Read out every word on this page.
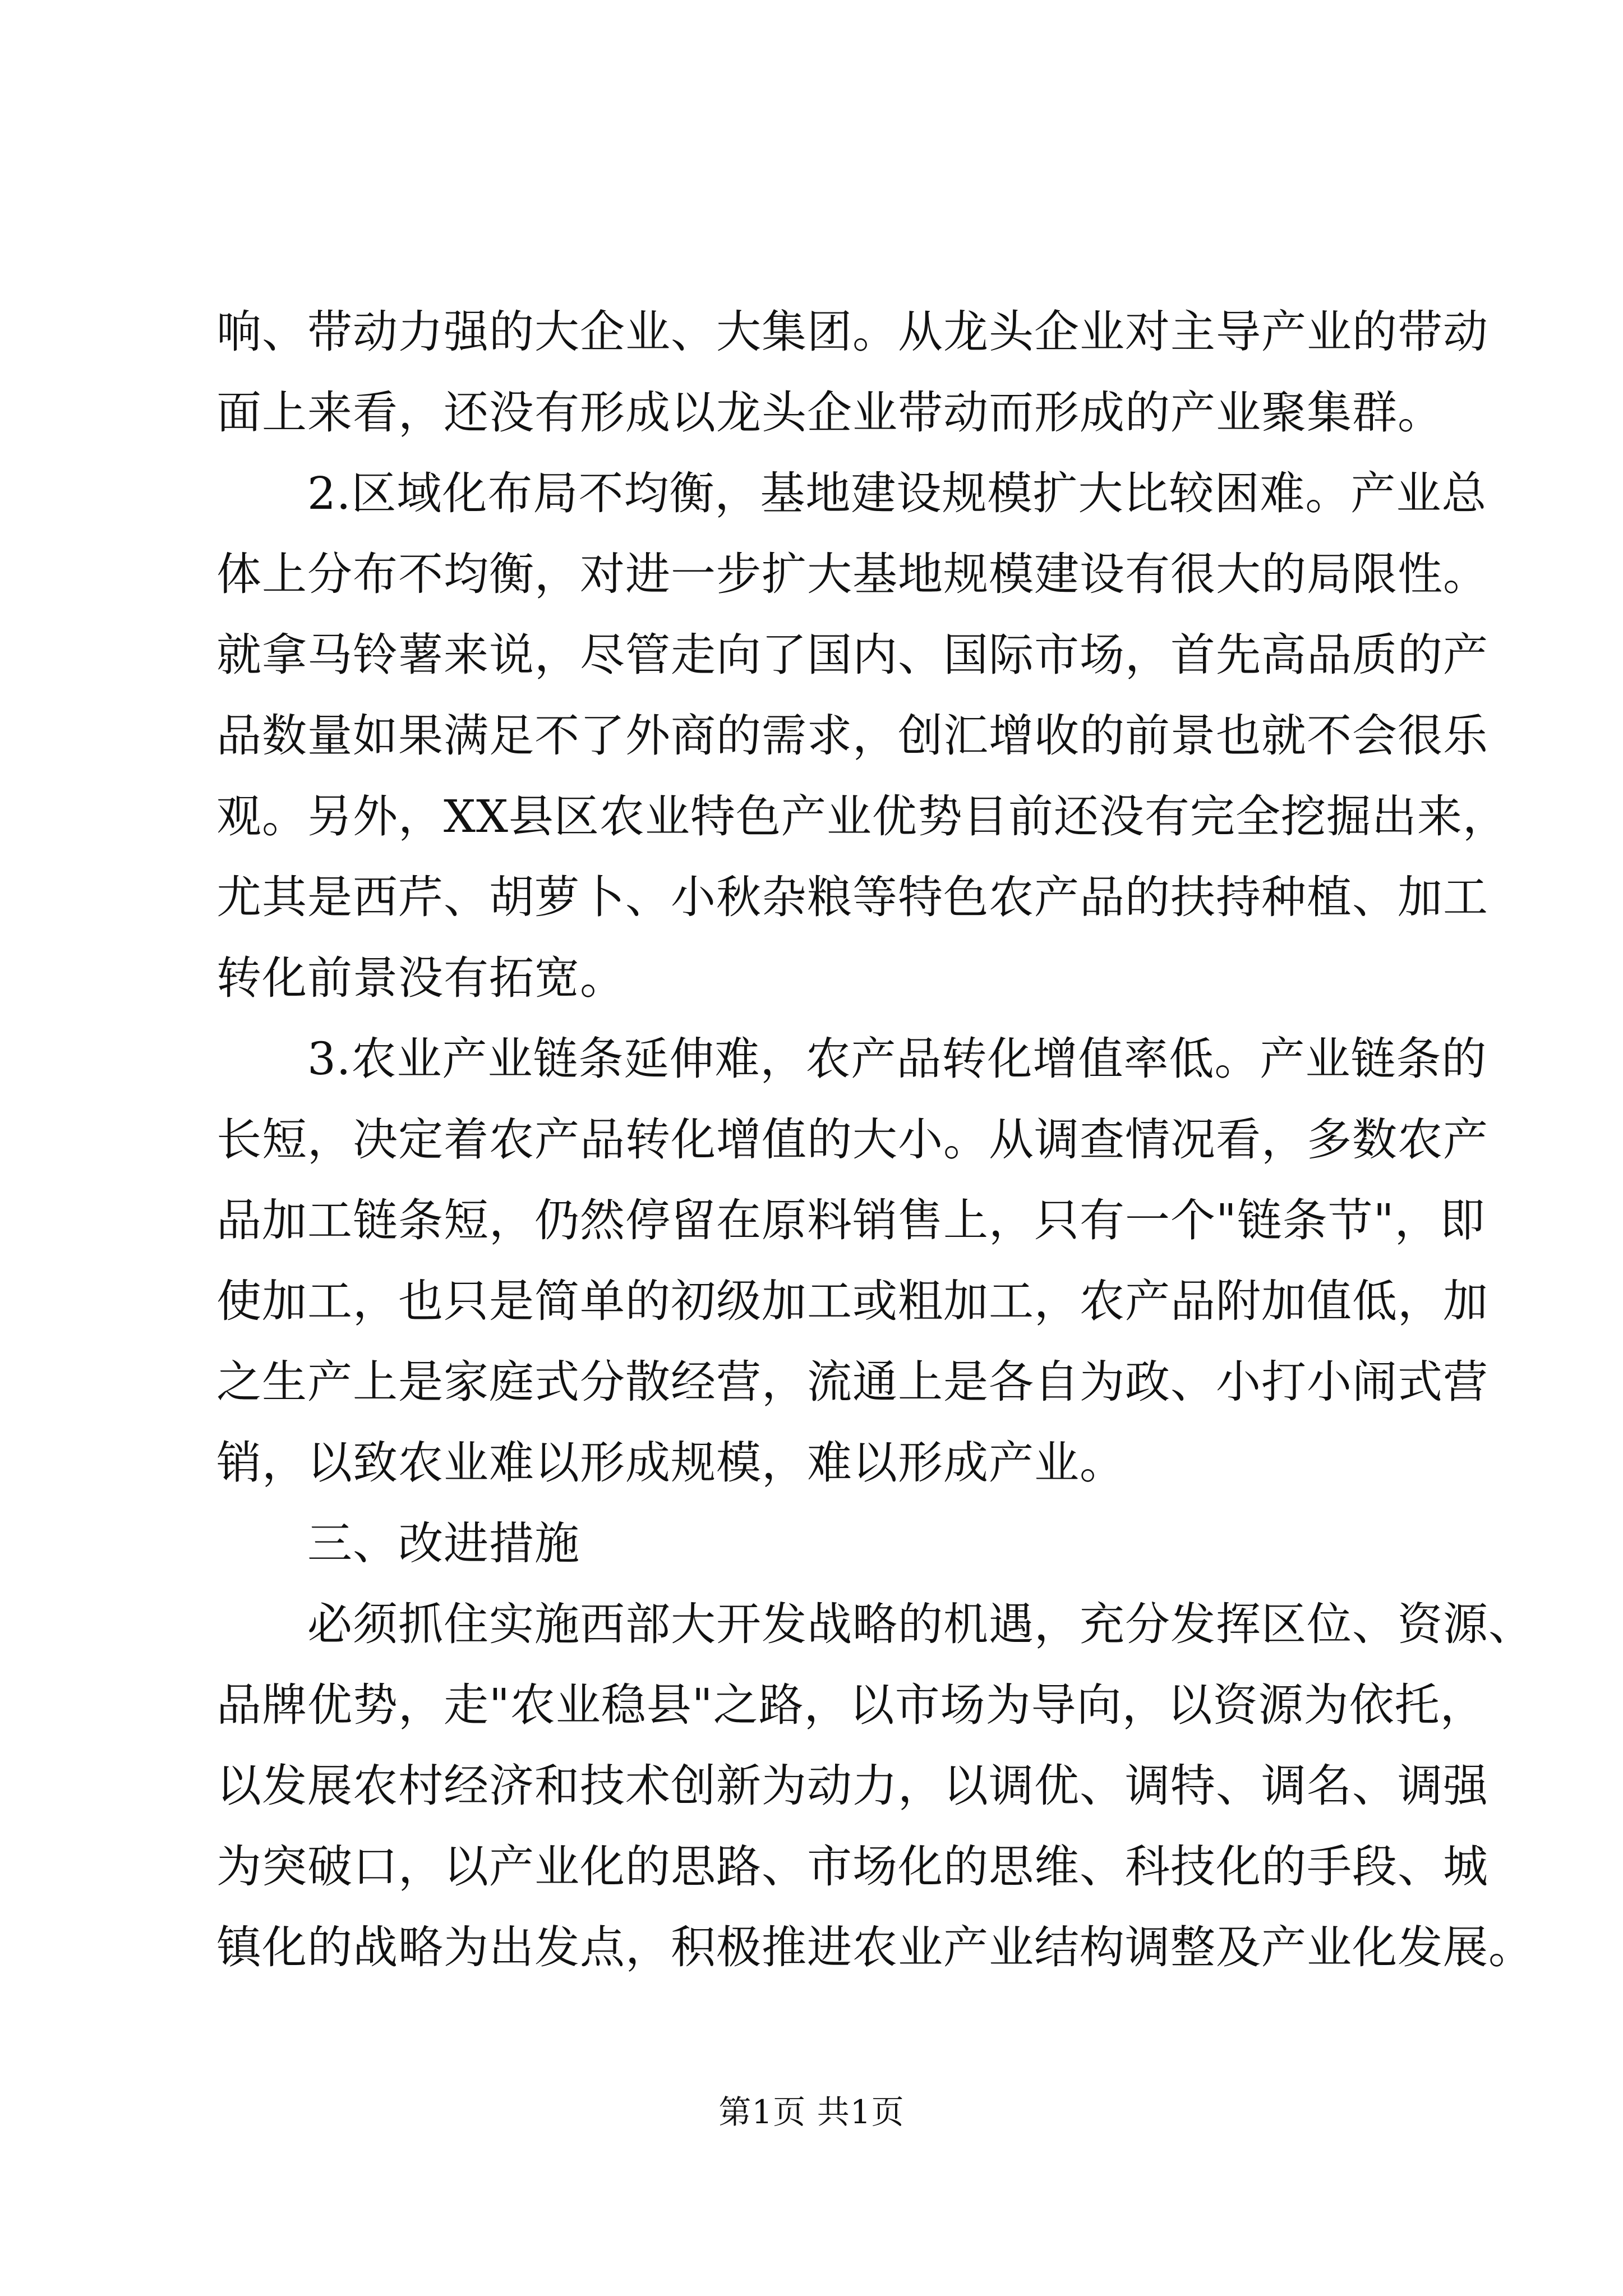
响、带动力强的大企业、大集团。从龙头企业对主导产业的带动
面上来看，还没有形成以龙头企业带动而形成的产业聚集群。
2.区域化布局不均衡，基地建设规模扩大比较困难。产业总
体上分布不均衡，对进一步扩大基地规模建设有很大的局限性。
就拿马铃薯来说，尽管走向了国内、国际市场，首先高品质的产
品数量如果满足不了外商的需求，创汇增收的前景也就不会很乐
观。另外，XX县区农业特色产业优势目前还没有完全挖掘出来，
尤其是西芹、胡萝卜、小秋杂粮等特色农产品的扶持种植、加工
转化前景没有拓宽。
3.农业产业链条延伸难，农产品转化增值率低。产业链条的
长短，决定着农产品转化增值的大小。从调查情况看，多数农产
品加工链条短，仍然停留在原料销售上，只有一个"链条节"，即
使加工，也只是简单的初级加工或粗加工，农产品附加值低，加
之生产上是家庭式分散经营，流通上是各自为政、小打小闹式营
销，以致农业难以形成规模，难以形成产业。
三、改进措施
必须抓住实施西部大开发战略的机遇，充分发挥区位、资源、
品牌优势，走"农业稳县"之路，以市场为导向，以资源为依托，
以发展农村经济和技术创新为动力，以调优、调特、调名、调强
为突破口，以产业化的思路、市场化的思维、科技化的手段、城
镇化的战略为出发点，积极推进农业产业结构调整及产业化发展。
第1页 共1页
